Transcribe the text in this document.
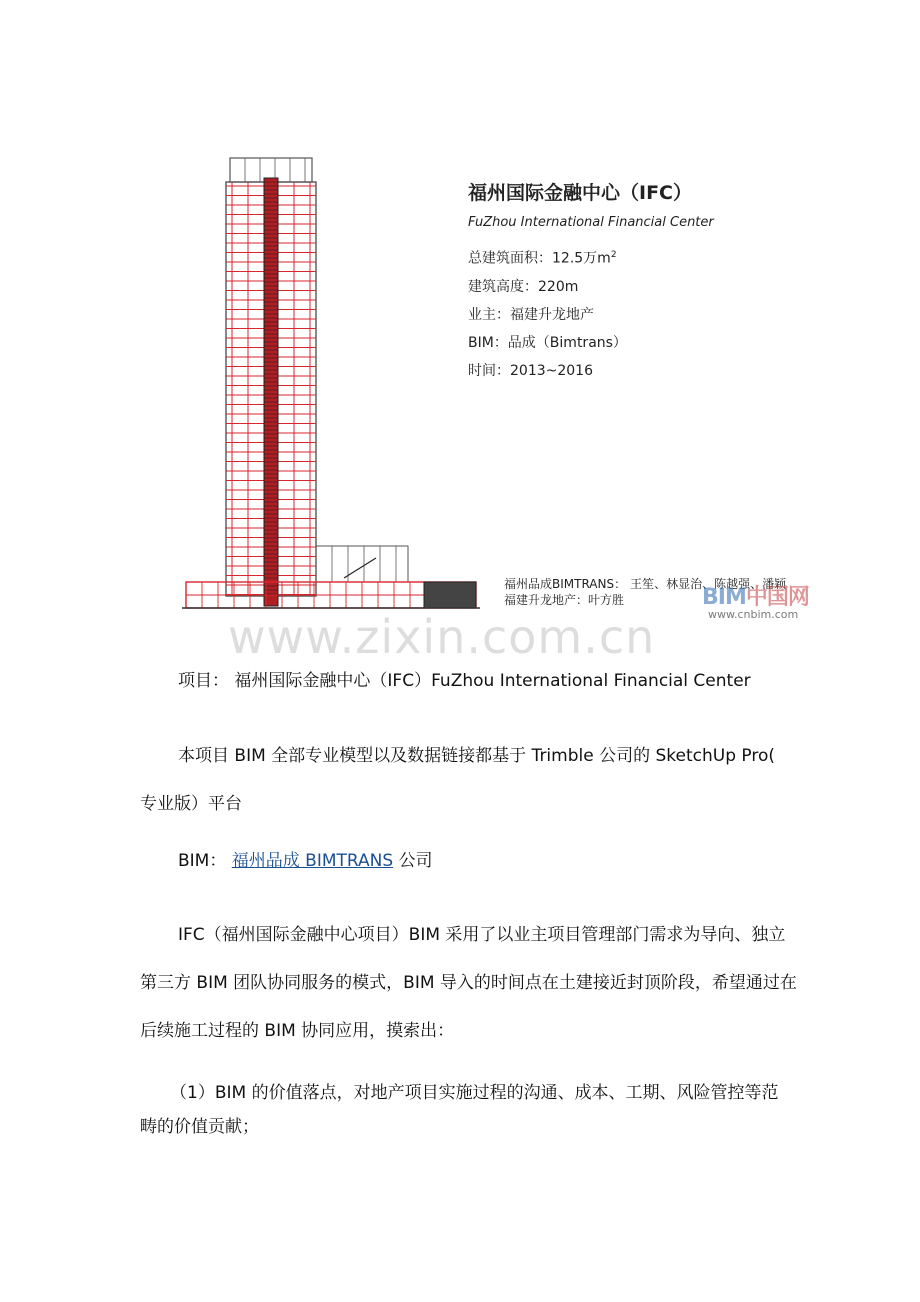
福州国际金融中心（IFC）
FuZhou International Financial Center
总建筑面积：12.5万$m^2$
建筑高度：220m
业主：福建升龙地产
BIM：品成（Bimtrans）
时间：2013~2016
福州品成BIMTRANS： 王笙、林显治、陈越强、潘颖
福建升龙地产：叶方胜	BIM中国网
www.cnbim.com
www.zixin.com.cn

项目： 福州国际金融中心（IFC）FuZhou International Financial Center

本项目 BIM 全部专业模型以及数据链接都基于 Trimble 公司的 SketchUp Pro( 专业版）平台

BIM： 福州品成 BIMTRANS 公司

IFC（福州国际金融中心项目）BIM 采用了以业主项目管理部门需求为导向、独立第三方 BIM 团队协同服务的模式，BIM 导入的时间点在土建接近封顶阶段，希望通过在后续施工过程的 BIM 协同应用，摸索出：

（1）BIM 的价值落点，对地产项目实施过程的沟通、成本、工期、风险管控等范畴的价值贡献；
